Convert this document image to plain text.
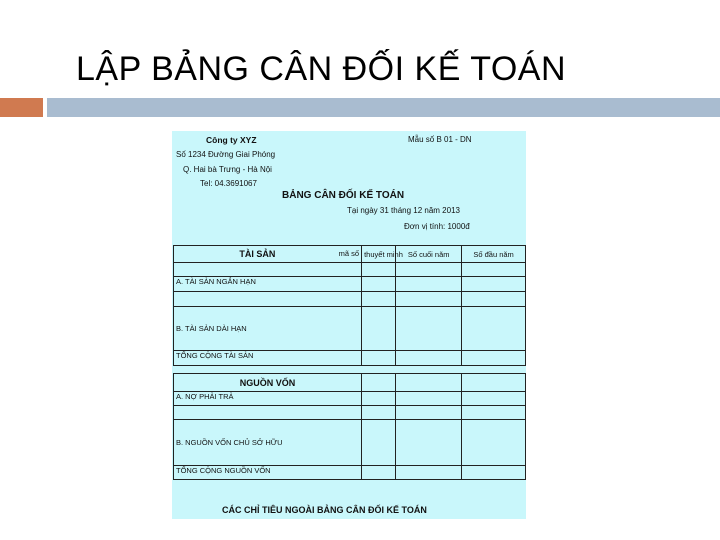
LẬP BẢNG CÂN ĐỐI KẾ TOÁN
Công ty XYZ
Số 1234 Đường Giai Phóng
Q. Hai bà Trưng - Hà Nội
Tel: 04.3691067
Mẫu số B 01 - DN
BẢNG CÂN ĐỐI KẾ TOÁN
Tại ngày 31 tháng 12 năm 2013
Đơn vị tính: 1000đ
TÀI SẢN mã số	thuyết minh	Số cuối năm	Số đầu năm

A. TÀI SẢN NGẮN HẠN			

B. TÀI SẢN DÀI HẠN			
TỔNG CỘNG TÀI SẢN			
NGUỒN VỐN			
A. NỢ PHẢI TRẢ			

B. NGUỒN VỐN CHỦ SỞ HỮU			
TỔNG CỘNG NGUỒN VỐN			
CÁC CHỈ TIÊU NGOÀI BẢNG CÂN ĐỐI KẾ TOÁN
